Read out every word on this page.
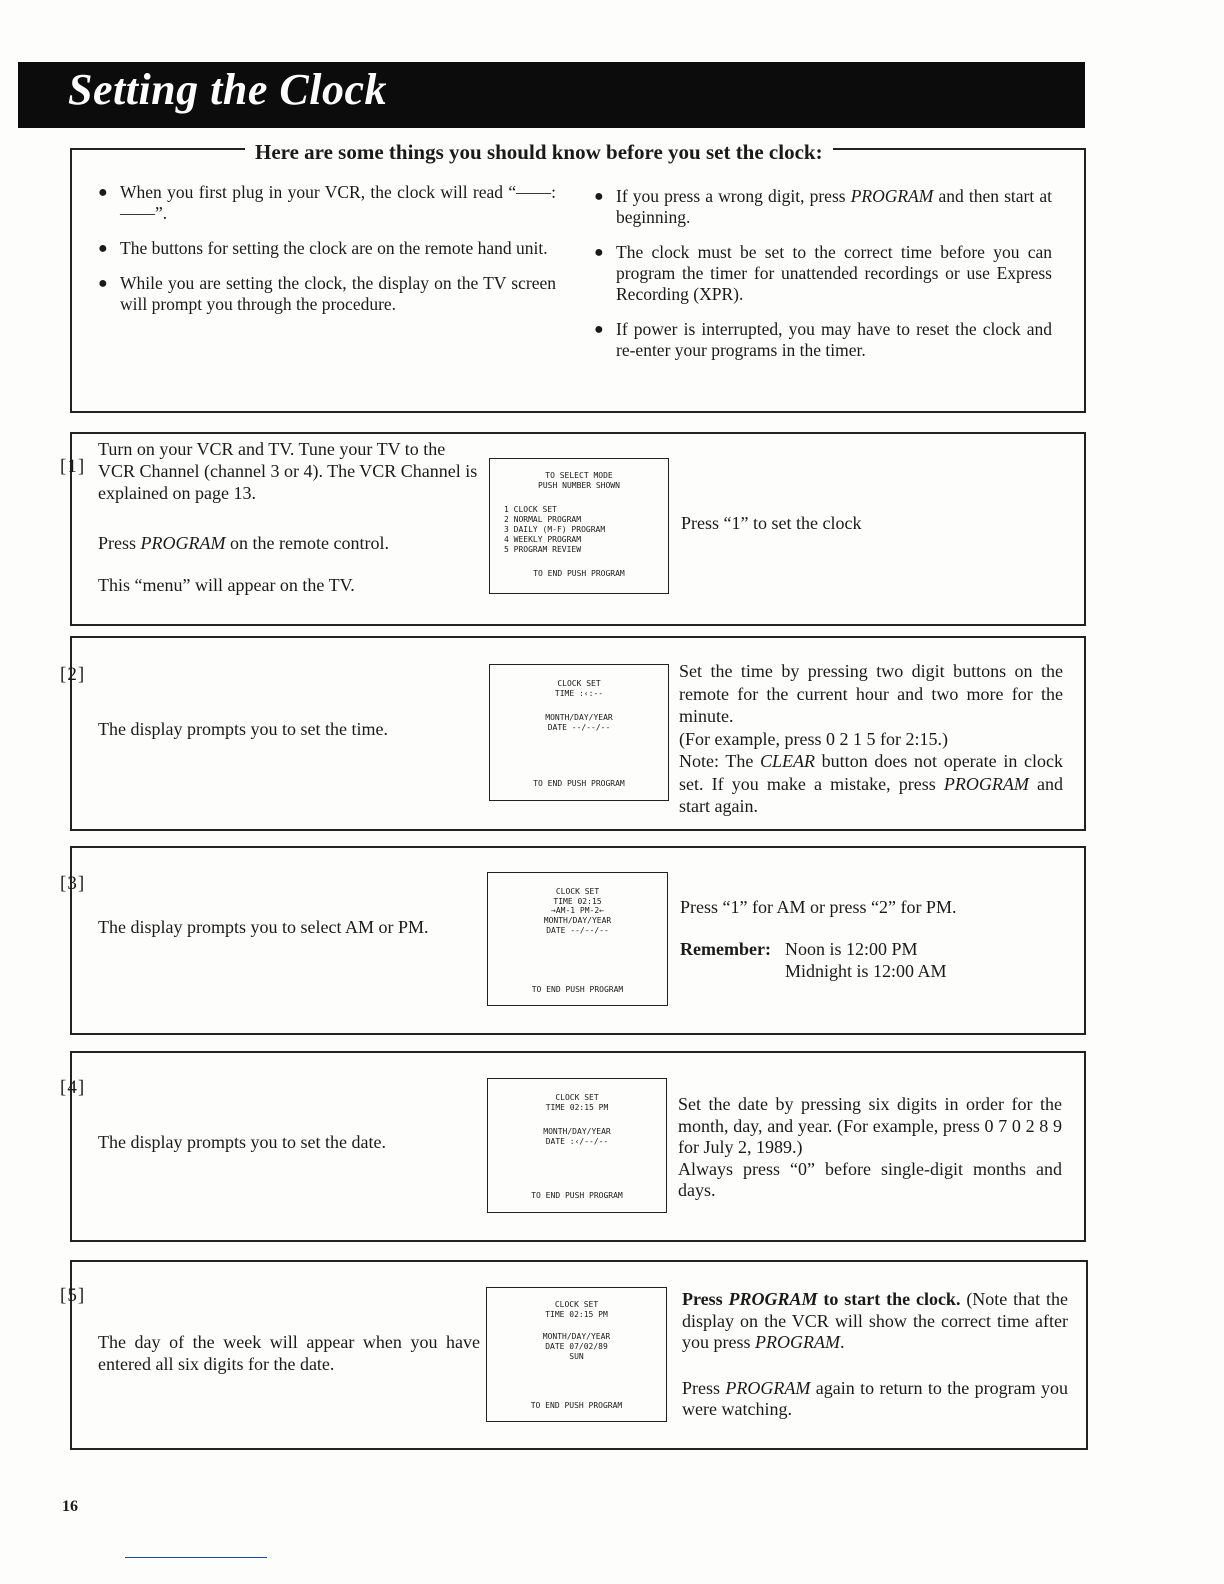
Setting the Clock
Here are some things you should know before you set the clock:
● When you first plug in your VCR, the clock will read “——:——”.
● The buttons for setting the clock are on the remote hand unit.
● While you are setting the clock, the display on the TV screen will prompt you through the procedure.
● If you press a wrong digit, press PROGRAM and then start at beginning.
● The clock must be set to the correct time before you can program the timer for unattended recordings or use Express Recording (XPR).
● If power is interrupted, you may have to reset the clock and re-enter your programs in the timer.
[1]
Turn on your VCR and TV. Tune your TV to the VCR Channel (channel 3 or 4). The VCR Channel is explained on page 13.
Press PROGRAM on the remote control.
This “menu” will appear on the TV.
TO SELECT MODE
PUSH NUMBER SHOWN
1 CLOCK SET
2 NORMAL PROGRAM
3 DAILY (M-F) PROGRAM
4 WEEKLY PROGRAM
5 PROGRAM REVIEW
TO END PUSH PROGRAM
Press “1” to set the clock
[2]
The display prompts you to set the time.
CLOCK SET
TIME :‹:--
MONTH/DAY/YEAR
DATE --/--/--
TO END PUSH PROGRAM
Set the time by pressing two digit buttons on the remote for the current hour and two more for the minute.
(For example, press 0 2 1 5 for 2:15.)
Note: The CLEAR button does not operate in clock set. If you make a mistake, press PROGRAM and start again.
[3]
The display prompts you to select AM or PM.
CLOCK SET
TIME 02:15
→AM-1 PM-2←
MONTH/DAY/YEAR
DATE --/--/--
TO END PUSH PROGRAM
Press “1” for AM or press “2” for PM.
Remember: Noon is 12:00 PM
Midnight is 12:00 AM
[4]
The display prompts you to set the date.
CLOCK SET
TIME 02:15 PM
MONTH/DAY/YEAR
DATE :‹/--/--
TO END PUSH PROGRAM
Set the date by pressing six digits in order for the month, day, and year. (For example, press 0 7 0 2 8 9 for July 2, 1989.)
Always press “0” before single-digit months and days.
[5]
The day of the week will appear when you have entered all six digits for the date.
CLOCK SET
TIME 02:15 PM
MONTH/DAY/YEAR
DATE 07/02/89
SUN
TO END PUSH PROGRAM
Press PROGRAM to start the clock. (Note that the display on the VCR will show the correct time after you press PROGRAM.
Press PROGRAM again to return to the program you were watching.
16
